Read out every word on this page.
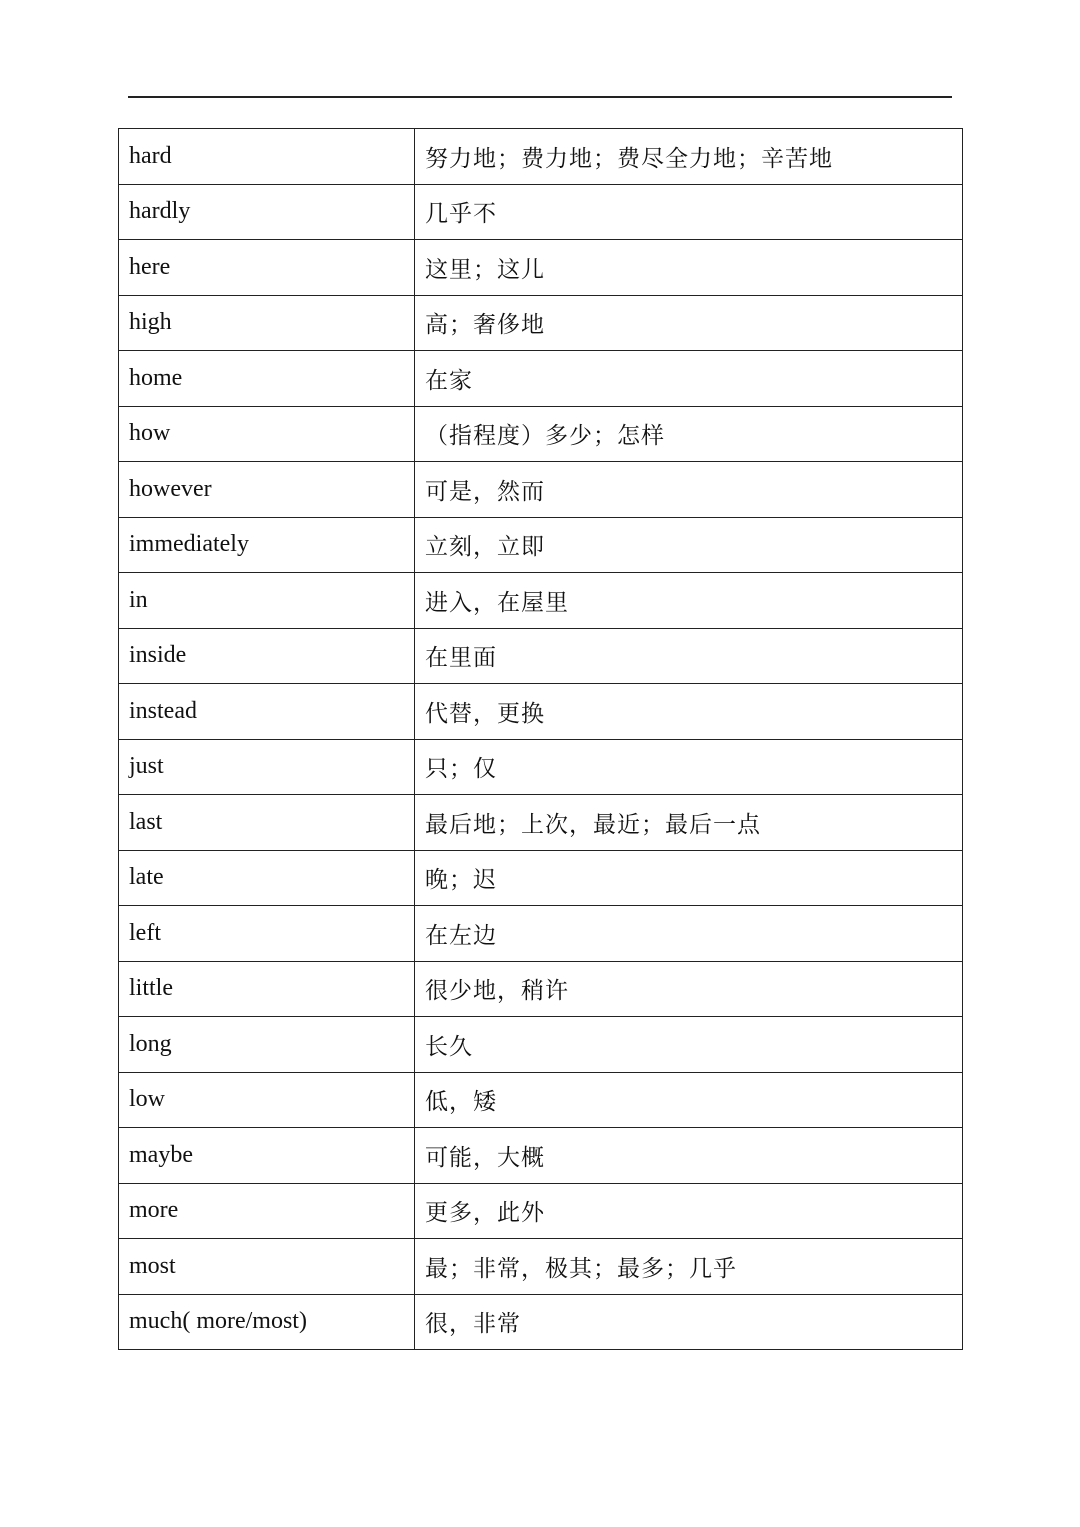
hard	努力地；费力地；费尽全力地；辛苦地
hardly	几乎不
here	这里；这儿
high	高；奢侈地
home	在家
how	（指程度）多少；怎样
however	可是，然而
immediately	立刻，立即
in	进入，在屋里
inside	在里面
instead	代替，更换
just	只；仅
last	最后地；上次，最近；最后一点
late	晚；迟
left	在左边
little	很少地，稍许
long	长久
low	低，矮
maybe	可能，大概
more	更多，此外
most	最；非常，极其；最多；几乎
much( more/most)	很，非常
